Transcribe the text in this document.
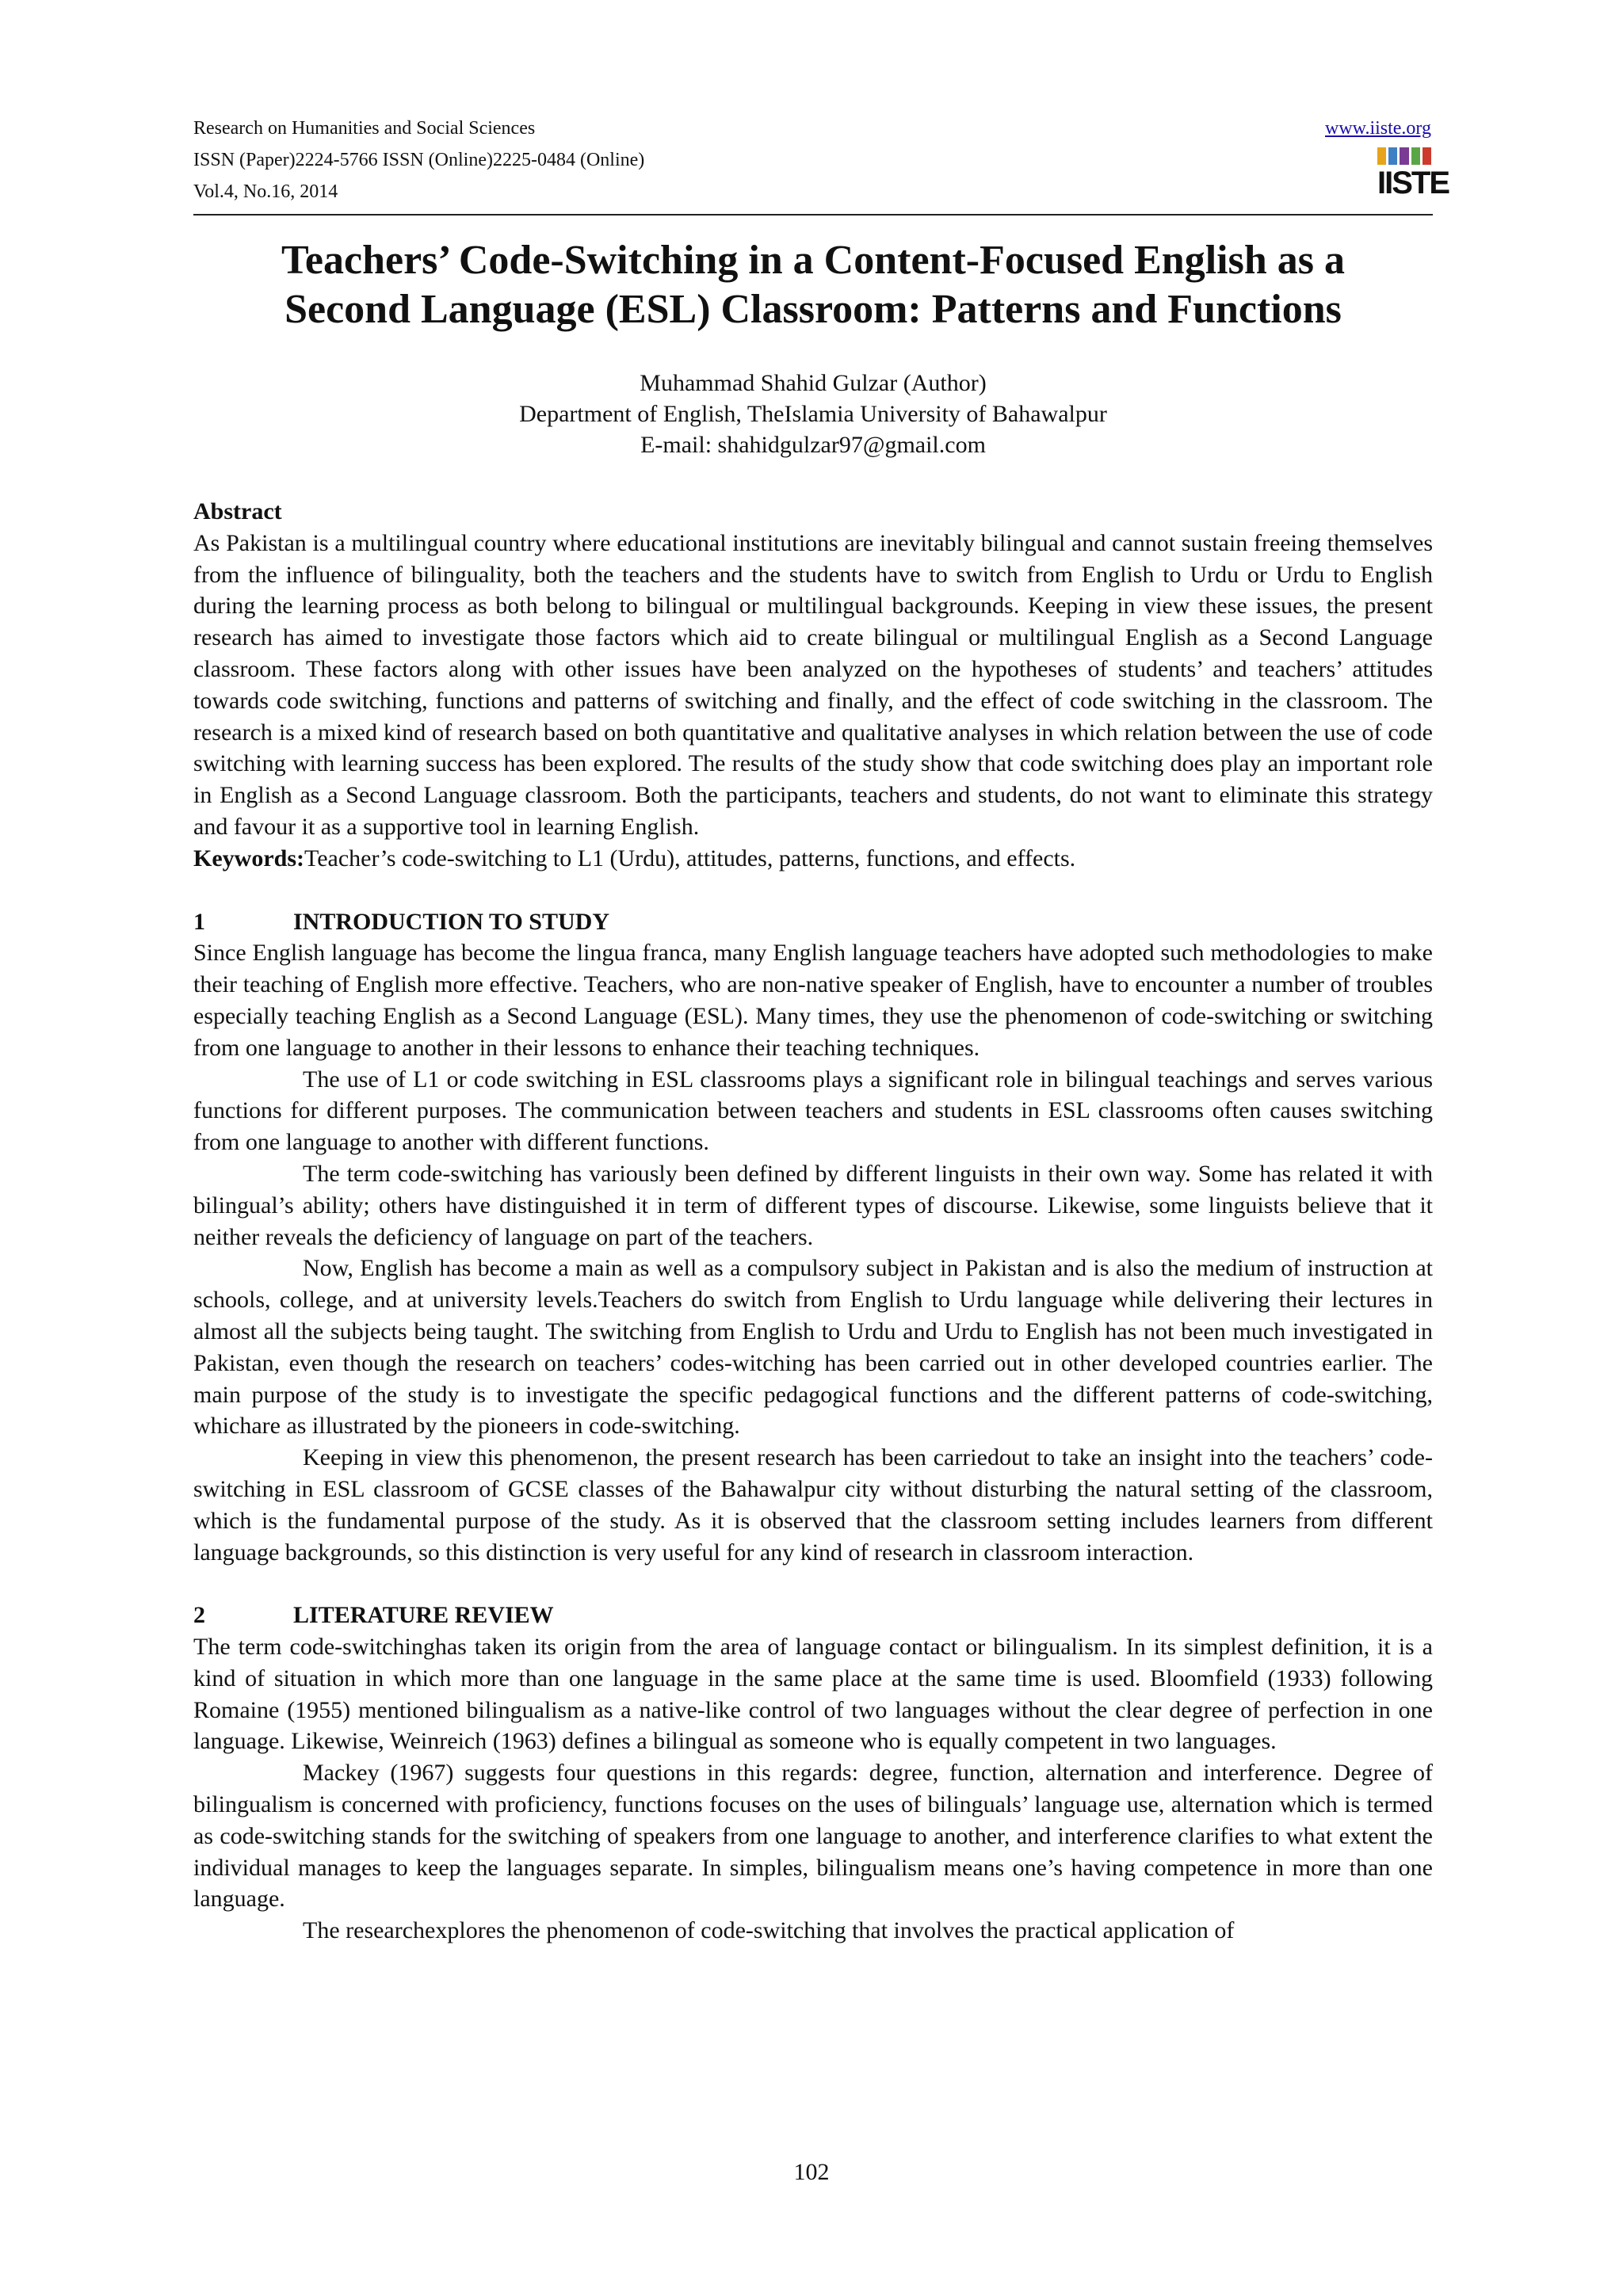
Research on Humanities and Social Sciences
ISSN (Paper)2224-5766 ISSN (Online)2225-0484 (Online)
Vol.4, No.16, 2014
www.iiste.org
IISTE
Teachers’ Code-Switching in a Content-Focused English as a
Second Language (ESL) Classroom: Patterns and Functions
Muhammad Shahid Gulzar (Author)
Department of English, TheIslamia University of Bahawalpur
E-mail: shahidgulzar97@gmail.com

Abstract

As Pakistan is a multilingual country where educational institutions are inevitably bilingual and cannot sustain freeing themselves from the influence of bilinguality, both the teachers and the students have to switch from English to Urdu or Urdu to English during the learning process as both belong to bilingual or multilingual backgrounds. Keeping in view these issues, the present research has aimed to investigate those factors which aid to create bilingual or multilingual English as a Second Language classroom. These factors along with other issues have been analyzed on the hypotheses of students’ and teachers’ attitudes towards code switching, functions and patterns of switching and finally, and the effect of code switching in the classroom. The research is a mixed kind of research based on both quantitative and qualitative analyses in which relation between the use of code switching with learning success has been explored. The results of the study show that code switching does play an important role in English as a Second Language classroom. Both the participants, teachers and students, do not want to eliminate this strategy and favour it as a supportive tool in learning English.

Keywords:Teacher’s code-switching to L1 (Urdu), attitudes, patterns, functions, and effects.

1	INTRODUCTION TO STUDY

Since English language has become the lingua franca, many English language teachers have adopted such methodologies to make their teaching of English more effective. Teachers, who are non-native speaker of English, have to encounter a number of troubles especially teaching English as a Second Language (ESL). Many times, they use the phenomenon of code-switching or switching from one language to another in their lessons to enhance their teaching techniques.

The use of L1 or code switching in ESL classrooms plays a significant role in bilingual teachings and serves various functions for different purposes. The communication between teachers and students in ESL classrooms often causes switching from one language to another with different functions.

The term code-switching has variously been defined by different linguists in their own way. Some has related it with bilingual’s ability; others have distinguished it in term of different types of discourse. Likewise, some linguists believe that it neither reveals the deficiency of language on part of the teachers.

Now, English has become a main as well as a compulsory subject in Pakistan and is also the medium of instruction at schools, college, and at university levels.Teachers do switch from English to Urdu language while delivering their lectures in almost all the subjects being taught. The switching from English to Urdu and Urdu to English has not been much investigated in Pakistan, even though the research on teachers’ codes-witching has been carried out in other developed countries earlier. The main purpose of the study is to investigate the specific pedagogical functions and the different patterns of code-switching, whichare as illustrated by the pioneers in code-switching.

Keeping in view this phenomenon, the present research has been carriedout to take an insight into the teachers’ code-switching in ESL classroom of GCSE classes of the Bahawalpur city without disturbing the natural setting of the classroom, which is the fundamental purpose of the study. As it is observed that the classroom setting includes learners from different language backgrounds, so this distinction is very useful for any kind of research in classroom interaction.

2	LITERATURE REVIEW

The term code-switchinghas taken its origin from the area of language contact or bilingualism. In its simplest definition, it is a kind of situation in which more than one language in the same place at the same time is used. Bloomfield (1933) following Romaine (1955) mentioned bilingualism as a native-like control of two languages without the clear degree of perfection in one language. Likewise, Weinreich (1963) defines a bilingual as someone who is equally competent in two languages.

Mackey (1967) suggests four questions in this regards: degree, function, alternation and interference. Degree of bilingualism is concerned with proficiency, functions focuses on the uses of bilinguals’ language use, alternation which is termed as code-switching stands for the switching of speakers from one language to another, and interference clarifies to what extent the individual manages to keep the languages separate. In simples, bilingualism means one’s having competence in more than one language.

The researchexplores the phenomenon of code-switching that involves the practical application of

102
